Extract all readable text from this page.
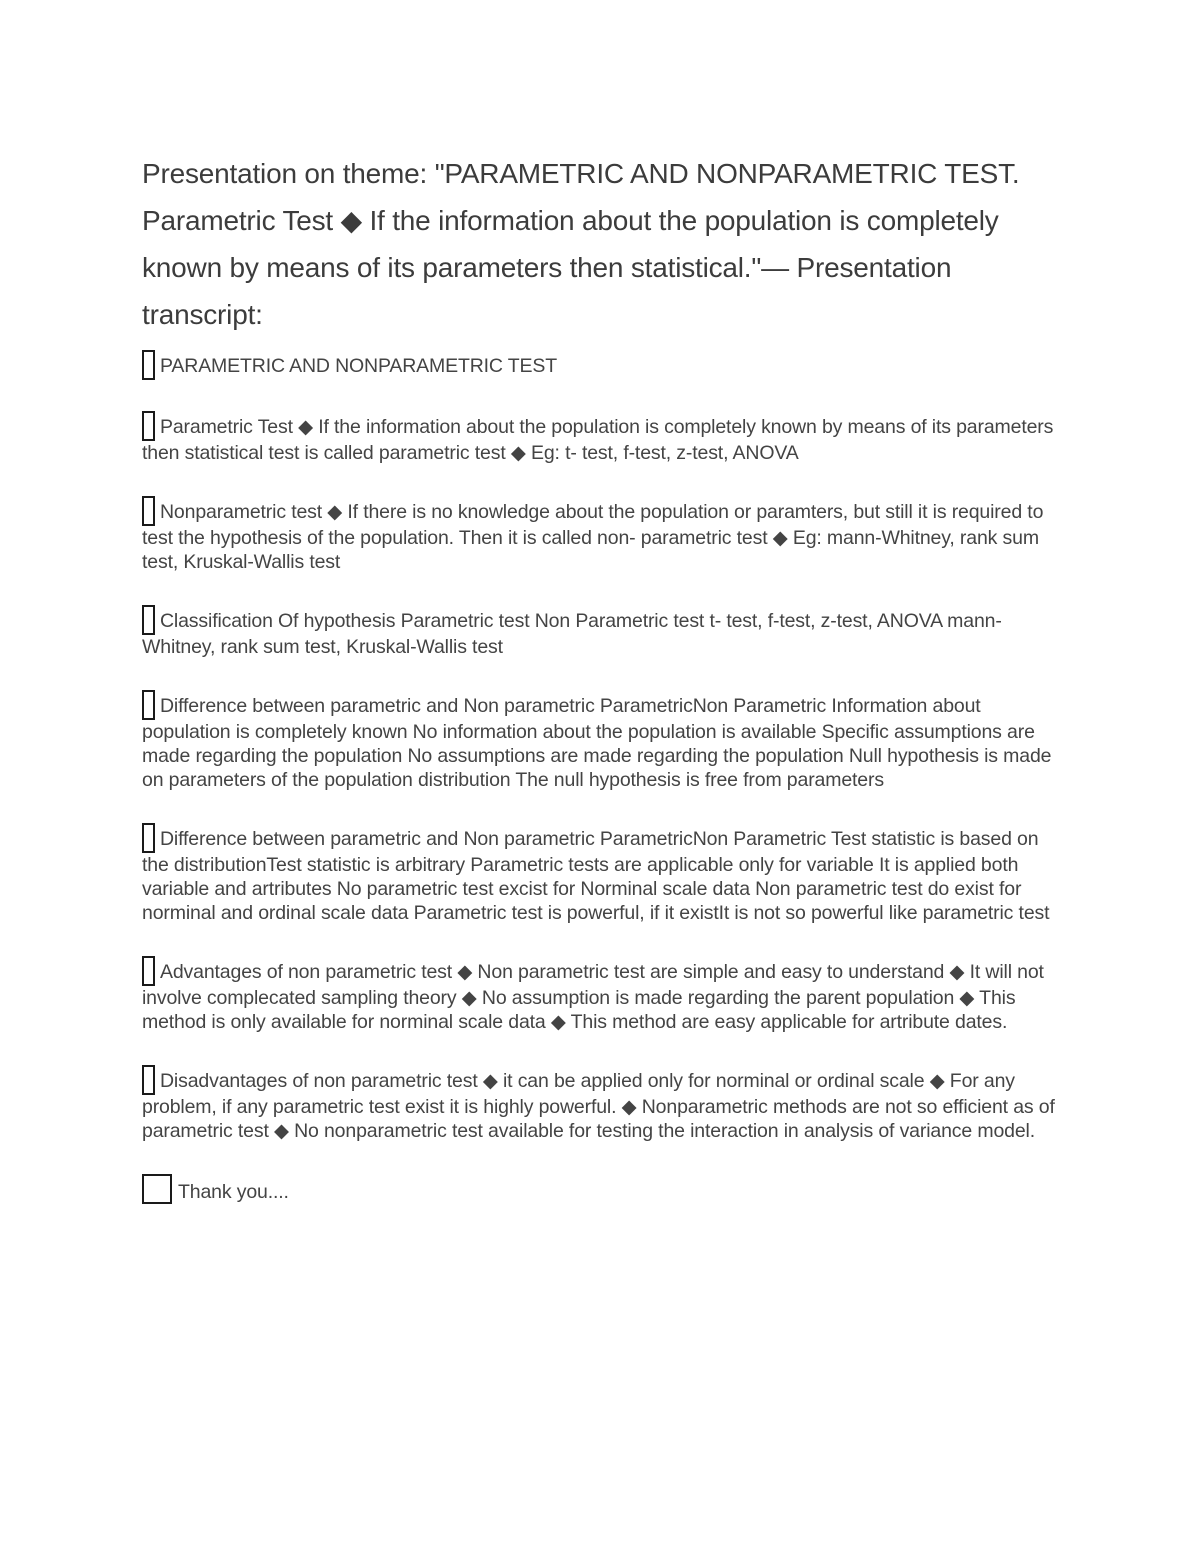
Presentation on theme: "PARAMETRIC AND NONPARAMETRIC TEST. Parametric Test ◆ If the information about the population is completely known by means of its parameters then statistical."— Presentation transcript:
PARAMETRIC AND NONPARAMETRIC TEST
Parametric Test ◆ If the information about the population is completely known by means of its parameters then statistical test is called parametric test ◆ Eg: t- test, f-test, z-test, ANOVA
Nonparametric test ◆ If there is no knowledge about the population or paramters, but still it is required to test the hypothesis of the population. Then it is called non- parametric test ◆ Eg: mann-Whitney, rank sum test, Kruskal-Wallis test
Classification Of hypothesis Parametric test Non Parametric test t- test, f-test, z-test, ANOVA mann-Whitney, rank sum test, Kruskal-Wallis test
Difference between parametric and Non parametric ParametricNon Parametric Information about population is completely known No information about the population is available Specific assumptions are made regarding the population No assumptions are made regarding the population Null hypothesis is made on parameters of the population distribution The null hypothesis is free from parameters
Difference between parametric and Non parametric ParametricNon Parametric Test statistic is based on the distributionTest statistic is arbitrary Parametric tests are applicable only for variable It is applied both variable and artributes No parametric test excist for Norminal scale data Non parametric test do exist for norminal and ordinal scale data Parametric test is powerful, if it existIt is not so powerful like parametric test
Advantages of non parametric test ◆ Non parametric test are simple and easy to understand ◆ It will not involve complecated sampling theory ◆ No assumption is made regarding the parent population ◆ This method is only available for norminal scale data ◆ This method are easy applicable for artribute dates.
Disadvantages of non parametric test ◆ it can be applied only for norminal or ordinal scale ◆ For any problem, if any parametric test exist it is highly powerful. ◆ Nonparametric methods are not so efficient as of parametric test ◆ No nonparametric test available for testing the interaction in analysis of variance model.
Thank you....
